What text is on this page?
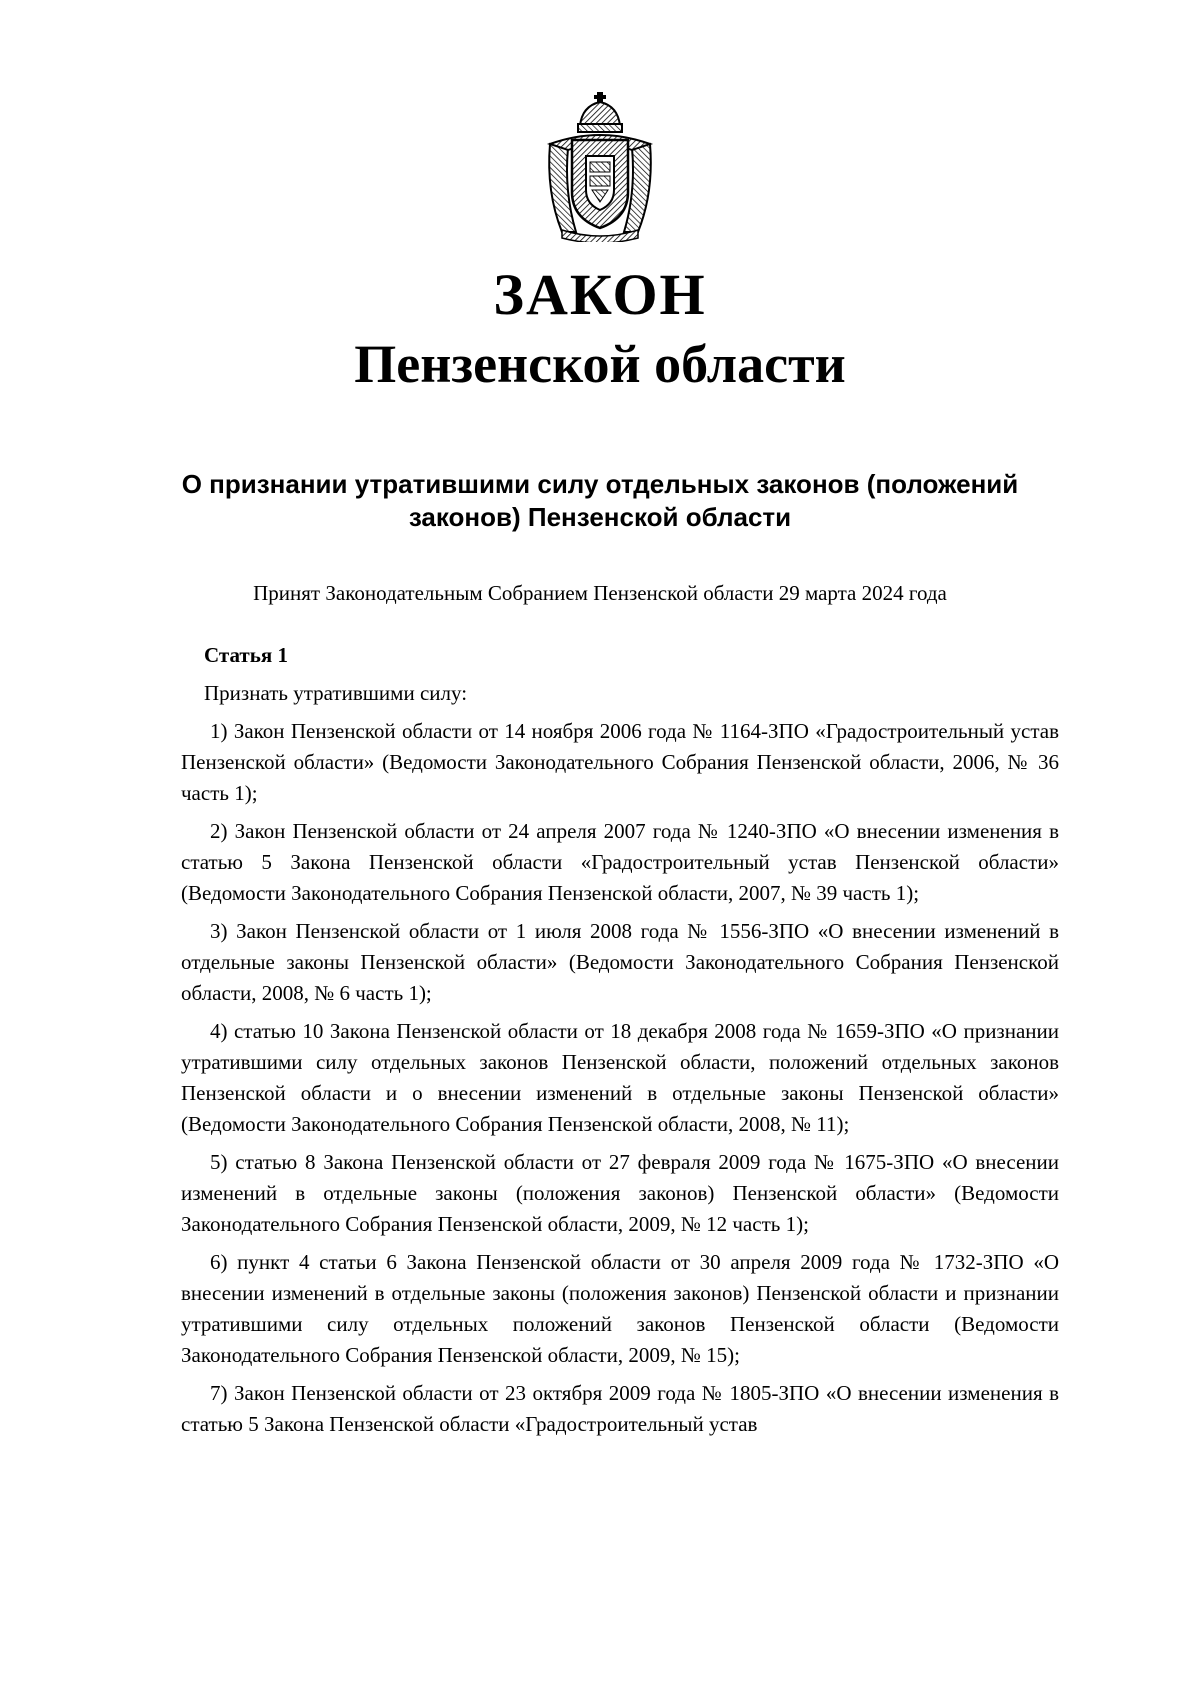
ЗАКОН
Пензенской области

О признании утратившими силу отдельных законов (положений законов) Пензенской области

Принят Законодательным Собранием Пензенской области 29 марта 2024 года

Статья 1

Признать утратившими силу:

1) Закон Пензенской области от 14 ноября 2006 года № 1164-ЗПО «Градостроительный устав Пензенской области» (Ведомости Законодательного Собрания Пензенской области, 2006, № 36 часть 1);

2) Закон Пензенской области от 24 апреля 2007 года № 1240-ЗПО «О внесении изменения в статью 5 Закона Пензенской области «Градостроительный устав Пензенской области» (Ведомости Законодательного Собрания Пензенской области, 2007, № 39 часть 1);

3) Закон Пензенской области от 1 июля 2008 года № 1556-ЗПО «О внесении изменений в отдельные законы Пензенской области» (Ведомости Законодательного Собрания Пензенской области, 2008, № 6 часть 1);

4) статью 10 Закона Пензенской области от 18 декабря 2008 года № 1659-ЗПО «О признании утратившими силу отдельных законов Пензенской области, положений отдельных законов Пензенской области и о внесении изменений в отдельные законы Пензенской области» (Ведомости Законодательного Собрания Пензенской области, 2008, № 11);

5) статью 8 Закона Пензенской области от 27 февраля 2009 года № 1675-ЗПО «О внесении изменений в отдельные законы (положения законов) Пензенской области» (Ведомости Законодательного Собрания Пензенской области, 2009, № 12 часть 1);

6) пункт 4 статьи 6 Закона Пензенской области от 30 апреля 2009 года № 1732-ЗПО «О внесении изменений в отдельные законы (положения законов) Пензенской области и признании утратившими силу отдельных положений законов Пензенской области (Ведомости Законодательного Собрания Пензенской области, 2009, № 15);

7) Закон Пензенской области от 23 октября 2009 года № 1805-ЗПО «О внесении изменения в статью 5 Закона Пензенской области «Градостроительный устав
